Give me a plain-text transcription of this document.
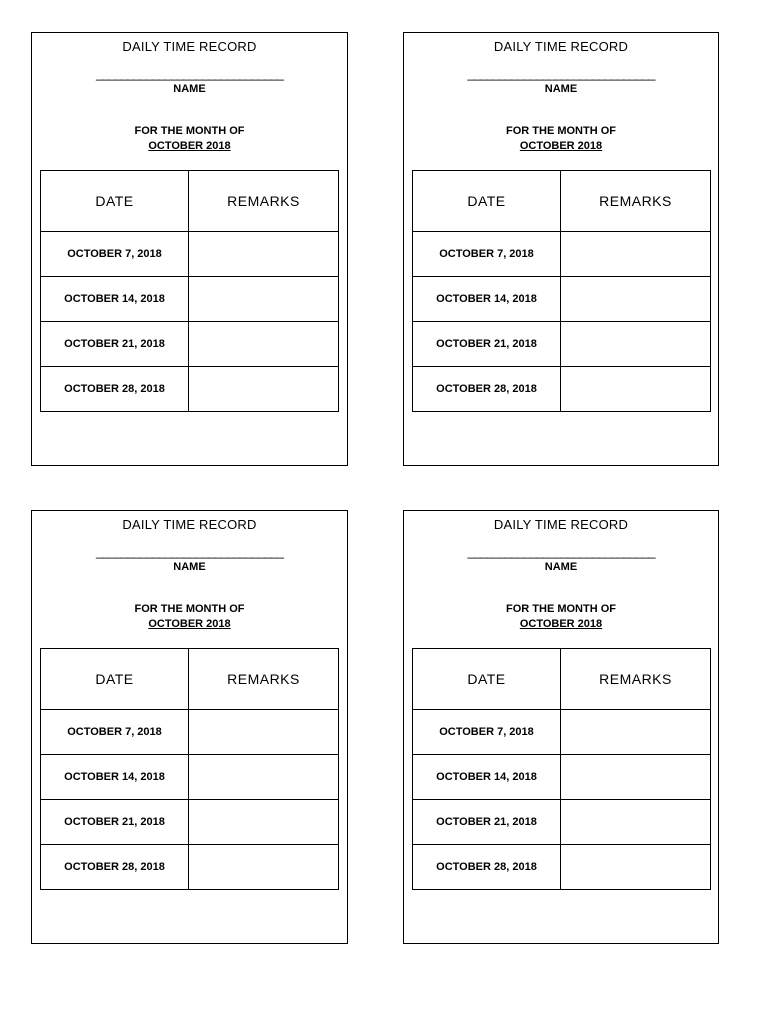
DAILY TIME RECORD
______________________________
NAME
FOR THE MONTH OF
OCTOBER 2018
DATE	REMARKS
OCTOBER 7, 2018	
OCTOBER 14, 2018	
OCTOBER 21, 2018	
OCTOBER 28, 2018	
DAILY TIME RECORD
______________________________
NAME
FOR THE MONTH OF
OCTOBER 2018
DATE	REMARKS
OCTOBER 7, 2018	
OCTOBER 14, 2018	
OCTOBER 21, 2018	
OCTOBER 28, 2018	
DAILY TIME RECORD
______________________________
NAME
FOR THE MONTH OF
OCTOBER 2018
DATE	REMARKS
OCTOBER 7, 2018	
OCTOBER 14, 2018	
OCTOBER 21, 2018	
OCTOBER 28, 2018	
DAILY TIME RECORD
______________________________
NAME
FOR THE MONTH OF
OCTOBER 2018
DATE	REMARKS
OCTOBER 7, 2018	
OCTOBER 14, 2018	
OCTOBER 21, 2018	
OCTOBER 28, 2018	
